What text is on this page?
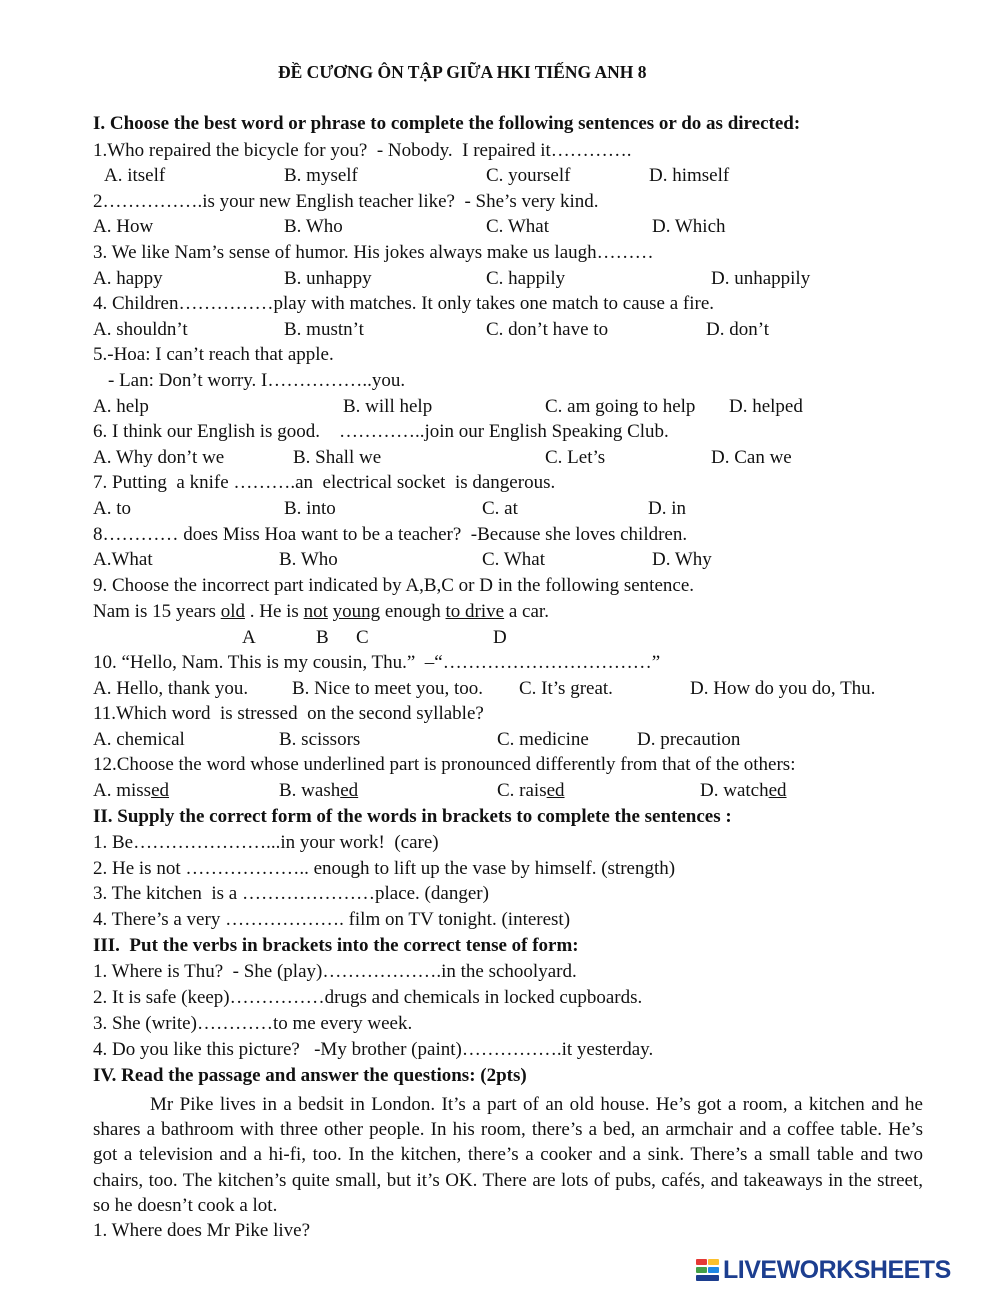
ĐỀ CƯƠNG ÔN TẬP GIỮA HKI TIẾNG ANH 8
I. Choose the best word or phrase to complete the following sentences or do as directed:
1.Who repaired the bicycle for you?  - Nobody.  I repaired it………….
A. itself	B. myself	C. yourself	D. himself
2…………….is your new English teacher like?  - She’s very kind.
A. How	B. Who	C. What	D. Which
3. We like Nam’s sense of humor. His jokes always make us laugh………
A. happy	B. unhappy	C. happily	D. unhappily
4. Children……………play with matches. It only takes one match to cause a fire.
A. shouldn’t	B. mustn’t	C. don’t have to	D. don’t
5.-Hoa: I can’t reach that apple.
- Lan: Don’t worry. I……………..you.
A. help	B. will help	C. am going to help D. helped
6. I think our English is good.    …………..join our English Speaking Club.
A. Why don’t we	B. Shall we	C. Let’s	D. Can we
7. Putting  a knife ……….an  electrical socket  is dangerous.
A. to	B. into	C. at	D. in
8………… does Miss Hoa want to be a teacher?  -Because she loves children.
A.What	B. Who	C. What	D. Why
9. Choose the incorrect part indicated by A,B,C or D in the following sentence.
Nam is 15 years old . He is not young enough to drive a car.
A	B C	D
10. “Hello, Nam. This is my cousin, Thu.”  –“……………………………”
A. Hello, thank you. B. Nice to meet you, too. C. It’s great.	D. How do you do, Thu.
11.Which word  is stressed  on the second syllable?
A. chemical	B. scissors	C. medicine	D. precaution
12.Choose the word whose underlined part is pronounced differently from that of the others:
A. missed	B. washed	C. raised	D. watched
II. Supply the correct form of the words in brackets to complete the sentences :
1. Be…………………...in your work!  (care)
2. He is not ……………….. enough to lift up the vase by himself. (strength)
3. The kitchen  is a …………………place. (danger)
4. There’s a very ………………. film on TV tonight. (interest)
III.  Put the verbs in brackets into the correct tense of form:
1. Where is Thu?  - She (play)……………….in the schoolyard.
2. It is safe (keep)……………drugs and chemicals in locked cupboards.
3. She (write)…………to me every week.
4. Do you like this picture?   -My brother (paint)…………….it yesterday.
IV. Read the passage and answer the questions: (2pts)
Mr Pike lives in a bedsit in London. It’s a part of an old house. He’s got a room, a kitchen and he shares a bathroom with three other people. In his room, there’s a bed, an armchair and a coffee table. He’s got a television and a hi-fi, too. In the kitchen, there’s a cooker and a sink. There’s a small table and two chairs, too. The kitchen’s quite small, but it’s OK. There are lots of pubs, cafés, and takeaways in the street, so he doesn’t cook a lot.
1. Where does Mr Pike live?
LIVEWORKSHEETS
